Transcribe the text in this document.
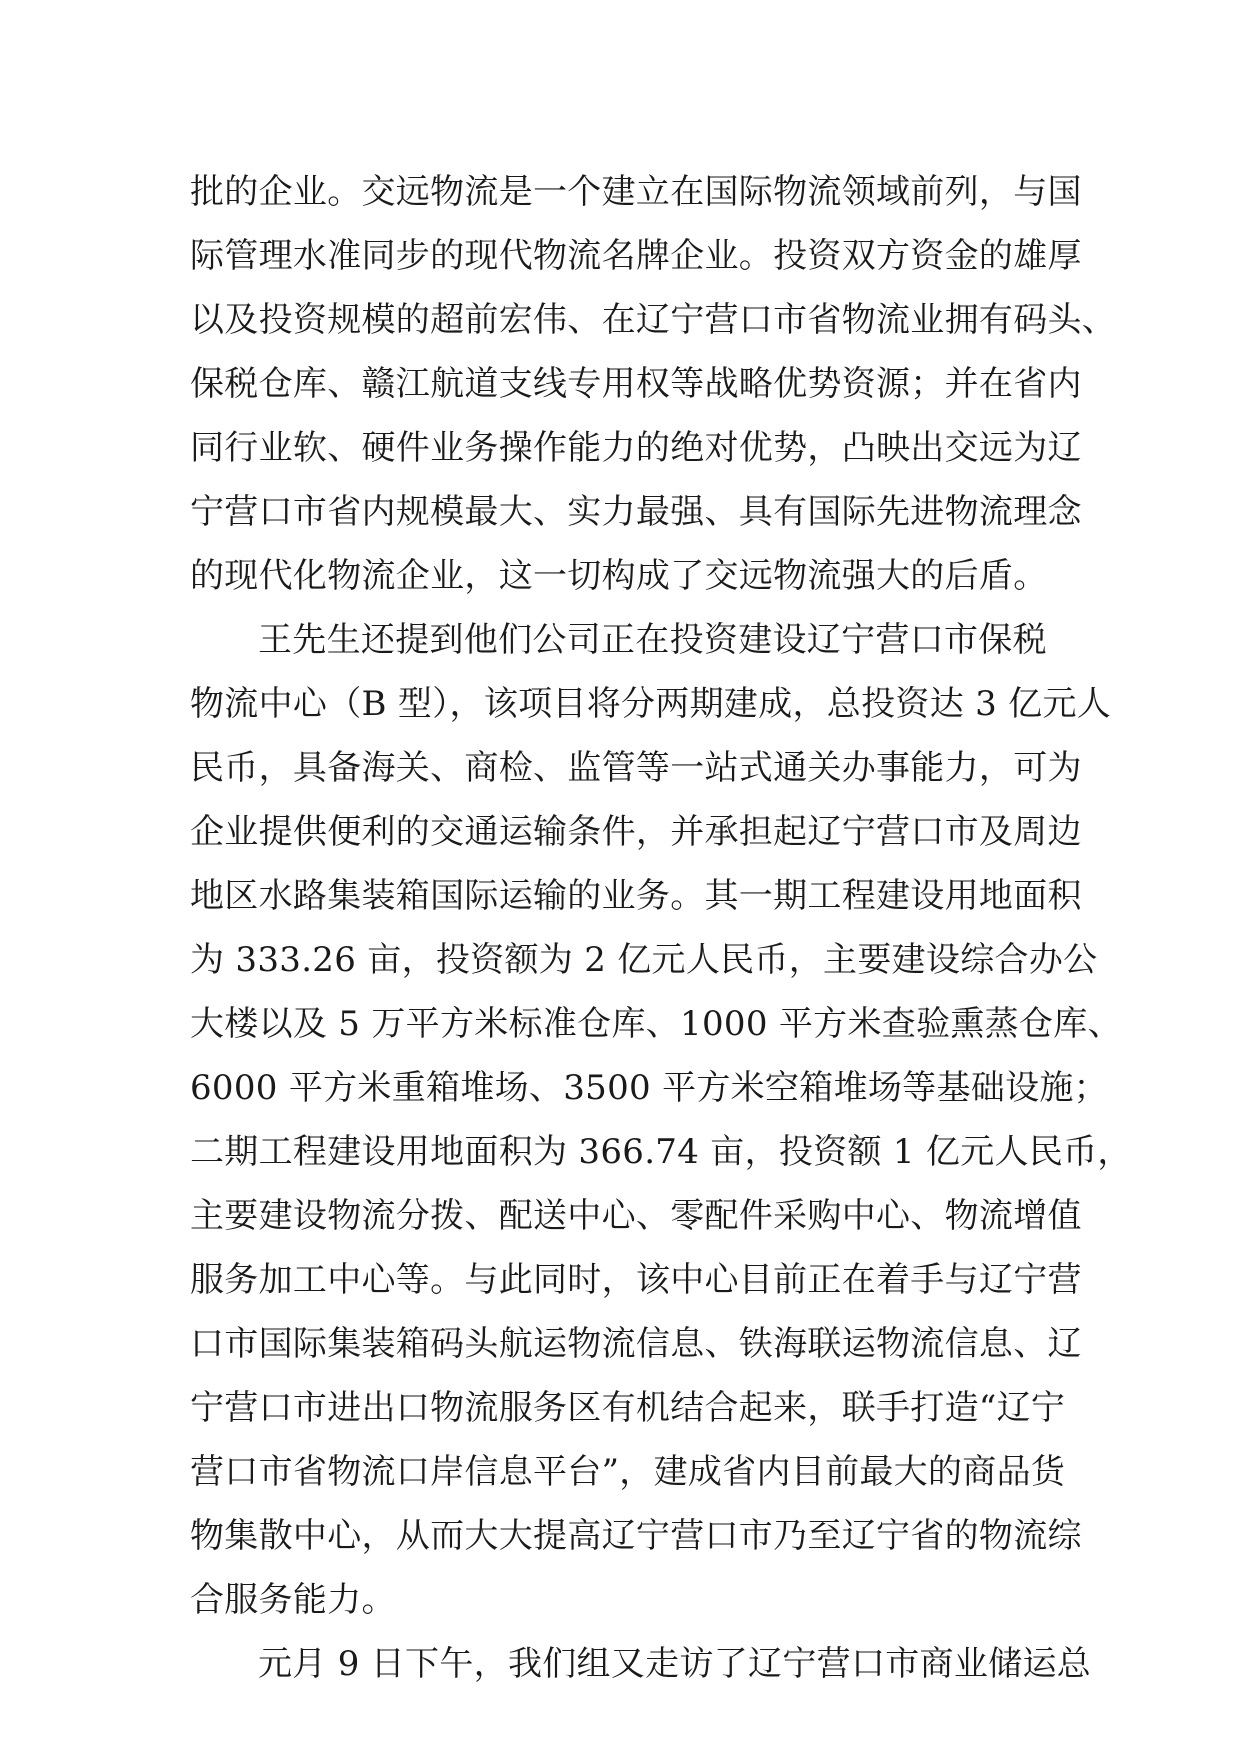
批的企业。交远物流是一个建立在国际物流领域前列，与国
际管理水准同步的现代物流名牌企业。投资双方资金的雄厚
以及投资规模的超前宏伟、在辽宁营口市省物流业拥有码头、
保税仓库、赣江航道支线专用权等战略优势资源；并在省内
同行业软、硬件业务操作能力的绝对优势，凸映出交远为辽
宁营口市省内规模最大、实力最强、具有国际先进物流理念
的现代化物流企业，这一切构成了交远物流强大的后盾。
王先生还提到他们公司正在投资建设辽宁营口市保税
物流中心（B 型），该项目将分两期建成，总投资达 3 亿元人
民币，具备海关、商检、监管等一站式通关办事能力，可为
企业提供便利的交通运输条件，并承担起辽宁营口市及周边
地区水路集装箱国际运输的业务。其一期工程建设用地面积
为 333.26 亩，投资额为 2 亿元人民币，主要建设综合办公
大楼以及 5 万平方米标准仓库、1000 平方米查验熏蒸仓库、
6000 平方米重箱堆场、3500 平方米空箱堆场等基础设施；
二期工程建设用地面积为 366.74 亩，投资额 1 亿元人民币，
主要建设物流分拨、配送中心、零配件采购中心、物流增值
服务加工中心等。与此同时，该中心目前正在着手与辽宁营
口市国际集装箱码头航运物流信息、铁海联运物流信息、辽
宁营口市进出口物流服务区有机结合起来，联手打造“辽宁
营口市省物流口岸信息平台”，建成省内目前最大的商品货
物集散中心，从而大大提高辽宁营口市乃至辽宁省的物流综
合服务能力。
元月 9 日下午，我们组又走访了辽宁营口市商业储运总
